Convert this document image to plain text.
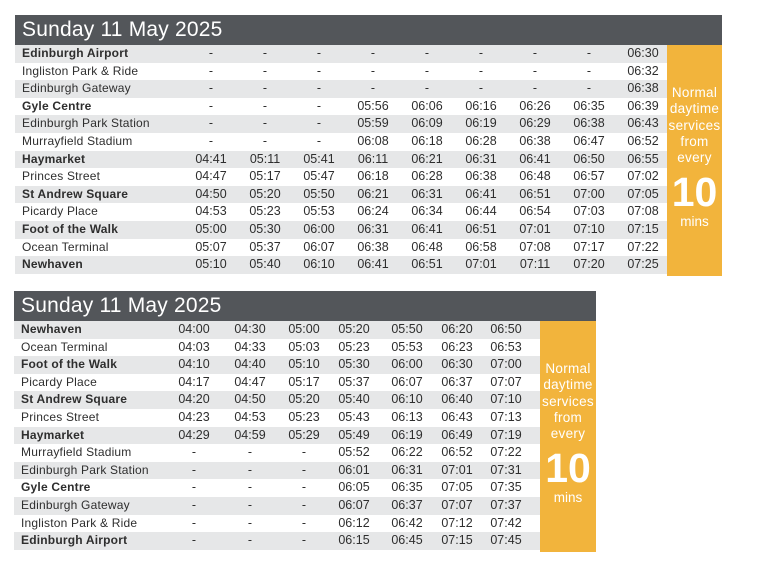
Sunday 11 May 2025
Edinburgh Airport	-	-	-	-	-	-	-	-	06:30
Ingliston Park & Ride	-	-	-	-	-	-	-	-	06:32
Edinburgh Gateway	-	-	-	-	-	-	-	-	06:38
Gyle Centre	-	-	-	05:56	06:06	06:16	06:26	06:35	06:39
Edinburgh Park Station	-	-	-	05:59	06:09	06:19	06:29	06:38	06:43
Murrayfield Stadium	-	-	-	06:08	06:18	06:28	06:38	06:47	06:52
Haymarket	04:41	05:11	05:41	06:11	06:21	06:31	06:41	06:50	06:55
Princes Street	04:47	05:17	05:47	06:18	06:28	06:38	06:48	06:57	07:02
St Andrew Square	04:50	05:20	05:50	06:21	06:31	06:41	06:51	07:00	07:05
Picardy Place	04:53	05:23	05:53	06:24	06:34	06:44	06:54	07:03	07:08
Foot of the Walk	05:00	05:30	06:00	06:31	06:41	06:51	07:01	07:10	07:15
Ocean Terminal	05:07	05:37	06:07	06:38	06:48	06:58	07:08	07:17	07:22
Newhaven	05:10	05:40	06:10	06:41	06:51	07:01	07:11	07:20	07:25
Normal
daytime
services
from
every
10
mins
Sunday 11 May 2025
Newhaven	04:00	04:30	05:00	05:20	05:50	06:20	06:50
Ocean Terminal	04:03	04:33	05:03	05:23	05:53	06:23	06:53
Foot of the Walk	04:10	04:40	05:10	05:30	06:00	06:30	07:00
Picardy Place	04:17	04:47	05:17	05:37	06:07	06:37	07:07
St Andrew Square	04:20	04:50	05:20	05:40	06:10	06:40	07:10
Princes Street	04:23	04:53	05:23	05:43	06:13	06:43	07:13
Haymarket	04:29	04:59	05:29	05:49	06:19	06:49	07:19
Murrayfield Stadium	-	-	-	05:52	06:22	06:52	07:22
Edinburgh Park Station	-	-	-	06:01	06:31	07:01	07:31
Gyle Centre	-	-	-	06:05	06:35	07:05	07:35
Edinburgh Gateway	-	-	-	06:07	06:37	07:07	07:37
Ingliston Park & Ride	-	-	-	06:12	06:42	07:12	07:42
Edinburgh Airport	-	-	-	06:15	06:45	07:15	07:45
Normal
daytime
services
from
every
10
mins
